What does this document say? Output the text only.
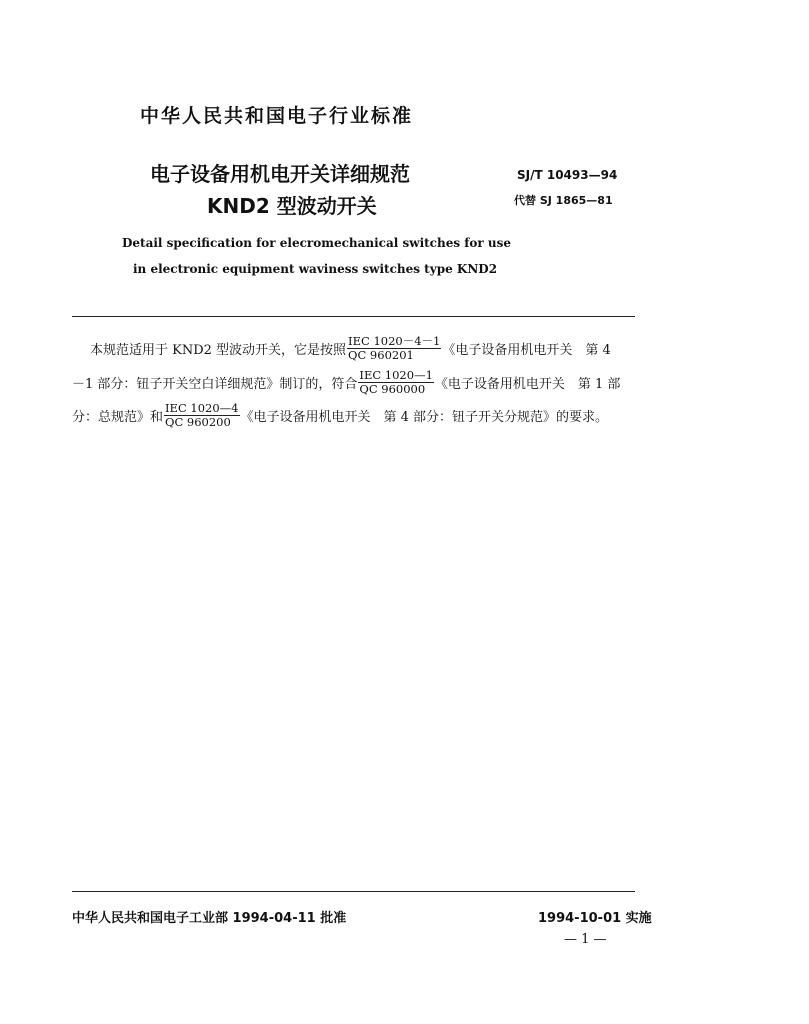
中华人民共和国电子行业标准
电子设备用机电开关详细规范
KND2 型波动开关
SJ/T 10493—94
代替 SJ 1865—81
Detail specification for elecromechanical switches for use
in electronic equipment waviness switches type KND2
本规范适用于 KND2 型波动开关，它是按照 $\frac{\text{IEC 1020－4－1}}{QC 960201}$ 《电子设备用机电开关　第 4
－1 部分：钮子开关空白详细规范》制订的，符合 $\frac{\text{IEC 1020—1}}{QC 960000}$ 《电子设备用机电开关　第 1 部
分：总规范》和 $\frac{\text{IEC 1020—4}}{QC 960200}$ 《电子设备用机电开关　第 4 部分：钮子开关分规范》的要求。
中华人民共和国电子工业部 1994-04-11 批准	1994-10-01 实施
— 1 —
